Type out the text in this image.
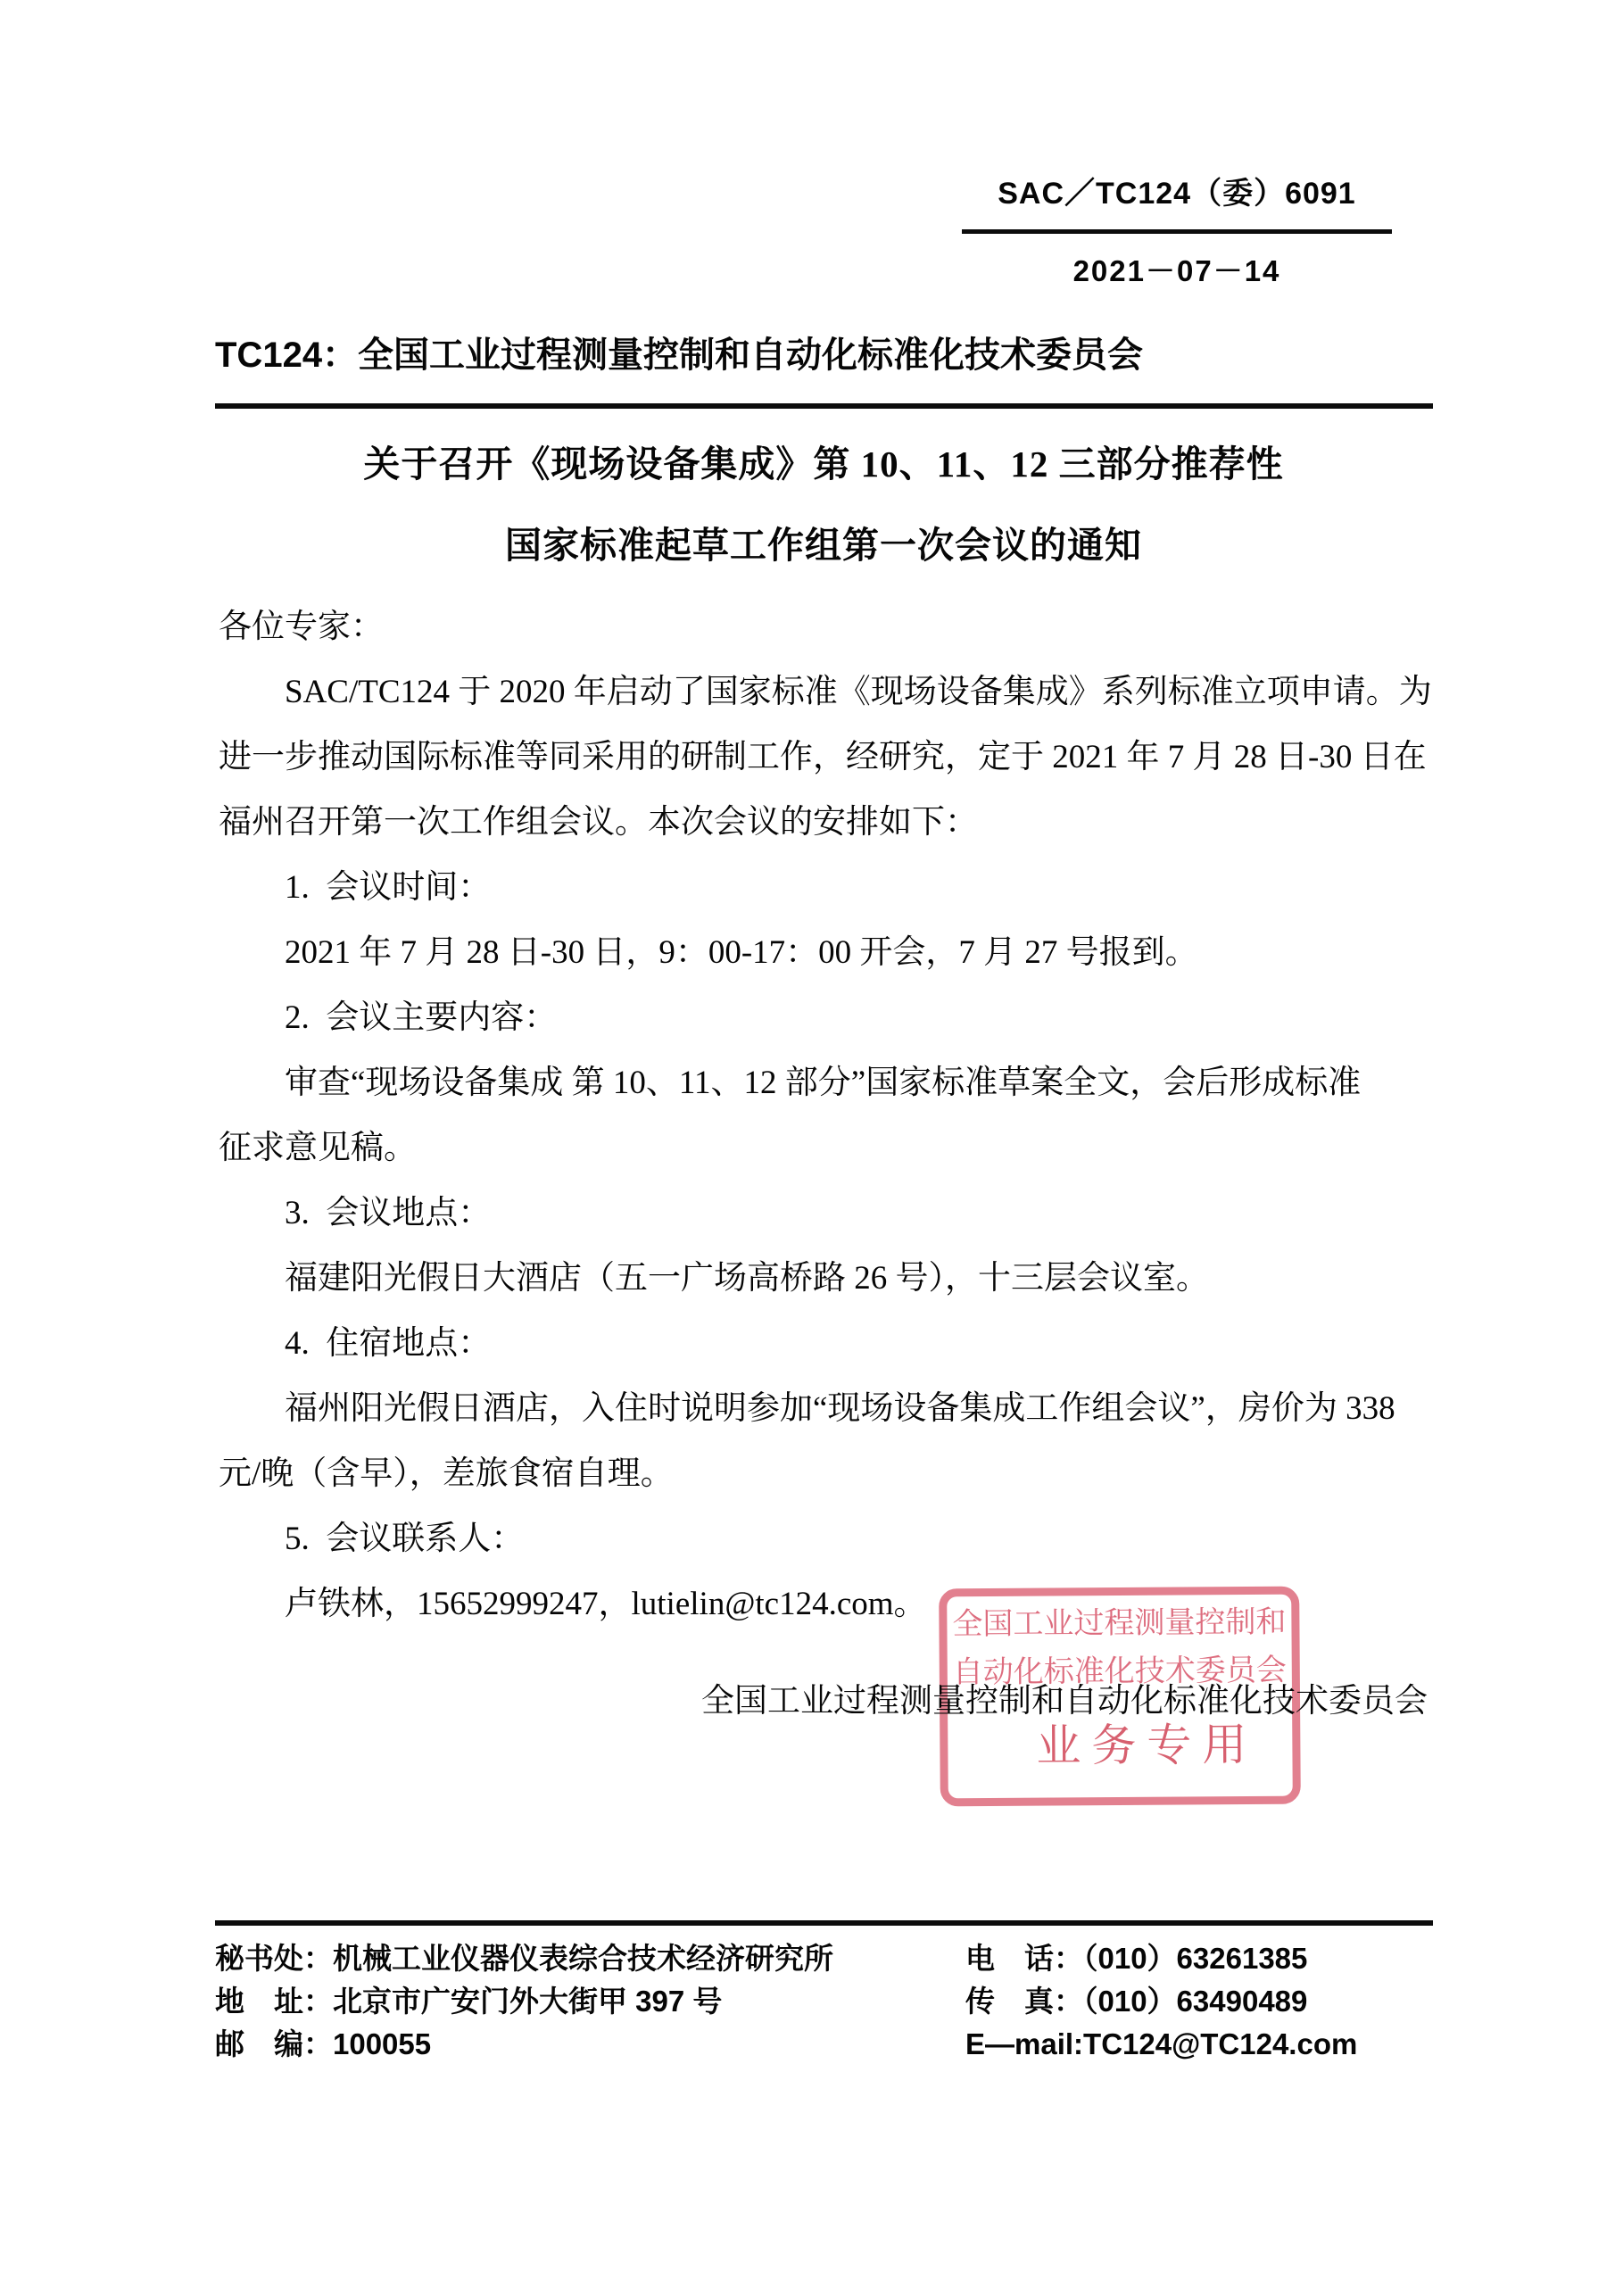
SAC／TC124（委）6091
2021－07－14
TC124：全国工业过程测量控制和自动化标准化技术委员会
关于召开《现场设备集成》第 10、11、12 三部分推荐性
国家标准起草工作组第一次会议的通知
各位专家：
SAC/TC124 于 2020 年启动了国家标准《现场设备集成》系列标准立项申请。为
进一步推动国际标准等同采用的研制工作，经研究，定于 2021 年 7 月 28 日-30 日在
福州召开第一次工作组会议。本次会议的安排如下：
1.  会议时间：
2021 年 7 月 28 日-30 日，9：00-17：00 开会，7 月 27 号报到。
2.  会议主要内容：
审查“现场设备集成 第 10、11、12 部分”国家标准草案全文，会后形成标准
征求意见稿。
3.  会议地点：
福建阳光假日大酒店（五一广场高桥路 26 号），十三层会议室。
4.  住宿地点：
福州阳光假日酒店，入住时说明参加“现场设备集成工作组会议”，房价为 338
元/晚（含早），差旅食宿自理。
5.  会议联系人：
卢铁林，15652999247，lutielin@tc124.com。
全国工业过程测量控制和
自动化标准化技术委员会
业务专用
全国工业过程测量控制和自动化标准化技术委员会
秘书处：机械工业仪器仪表综合技术经济研究所
地　址：北京市广安门外大街甲 397 号
邮　编：100055
电　话：（010）63261385
传　真：（010）63490489
E—mail:TC124@TC124.com
